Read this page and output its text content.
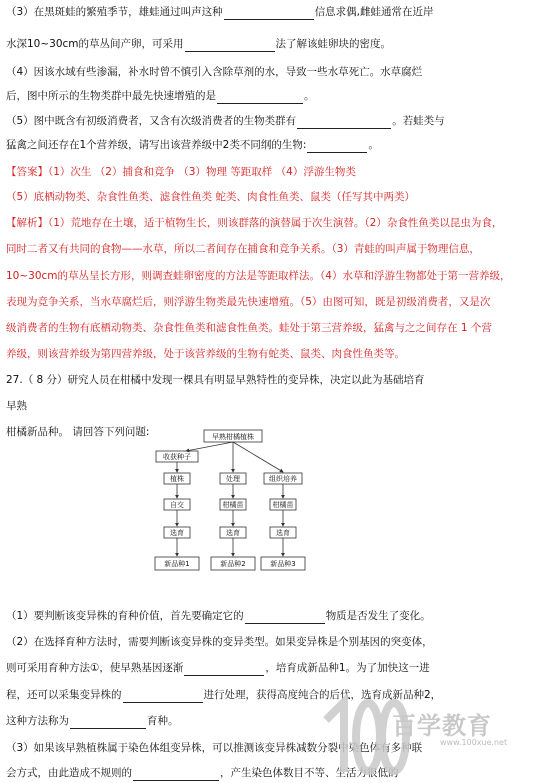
（3）在黑斑蛙的繁殖季节，雄蛙通过叫声这种	信息求偶,雌蛙通常在近岸
水深10~30cm的草丛间产卵，可采用	法了解该蛙卵块的密度。
（4）因该水域有些渗漏，补水时曾不慎引入含除草剂的水，导致一些水草死亡。水草腐烂
后，图中所示的生物类群中最先快速增殖的是	。
（5）图中既含有初级消费者，又含有次级消费者的生物类群有	。若蛙类与
猛禽之间还存在1个营养级，请写出该营养级中2类不同纲的生物:	。
【答案】（1）次生 （2）捕食和竞争 （3）物理 等距取样 （4）浮游生物类
（5）底栖动物类、杂食性鱼类、滤食性鱼类 蛇类、肉食性鱼类、鼠类（任写其中两类）
【解析】（1）荒地存在土壤，适于植物生长，则该群落的演替属于次生演替。（2）杂食性鱼类以昆虫为食，
同时二者又有共同的食物——水草，所以二者间存在捕食和竞争关系。（3）青蛙的叫声属于物理信息，
10~30cm的草丛呈长方形，则调查蛙卵密度的方法是等距取样法。（4）水草和浮游生物都处于第一营养级，
表现为竞争关系，当水草腐烂后，则浮游生物类最先快速增殖。（5）由图可知，既是初级消费者，又是次
级消费者的生物有底栖动物类、杂食性鱼类和滤食性鱼类。蛙处于第三营养级，猛禽与之之间存在 1 个营
养级，则该营养级为第四营养级，处于该营养级的生物有蛇类、鼠类、肉食性鱼类等。
27.（ 8 分）研究人员在柑橘中发现一棵具有明显早熟特性的变异株，决定以此为基础培育
早熟
柑橘新品种。 请回答下列问题:	早熟柑橘植株
收获种子
植株
自交
选育
新品种1
处理
柑橘苗
选育
新品种2
组织培养
柑橘苗
选育
新品种3
（1）要判断该变异株的育种价值，首先要确定它的	物质是否发生了变化。
（2）在选择育种方法时，需要判断该变异株的变异类型。如果变异株是个别基因的突变体，
则可采用育种方法①，使早熟基因逐渐	，培育成新品种1。为了加快这一进
程，还可以采集变异株的	进行处理，获得高度纯合的后代，选育成新品种2，
这种方法称为	育种。
（3）如果该早熟植株属于染色体组变异株，可以推测该变异株减数分裂中染色体有多种联
会方式，由此造成不规则的	，产生染色体数目不等、生活力很低的
百学教育
www.100xue.net
